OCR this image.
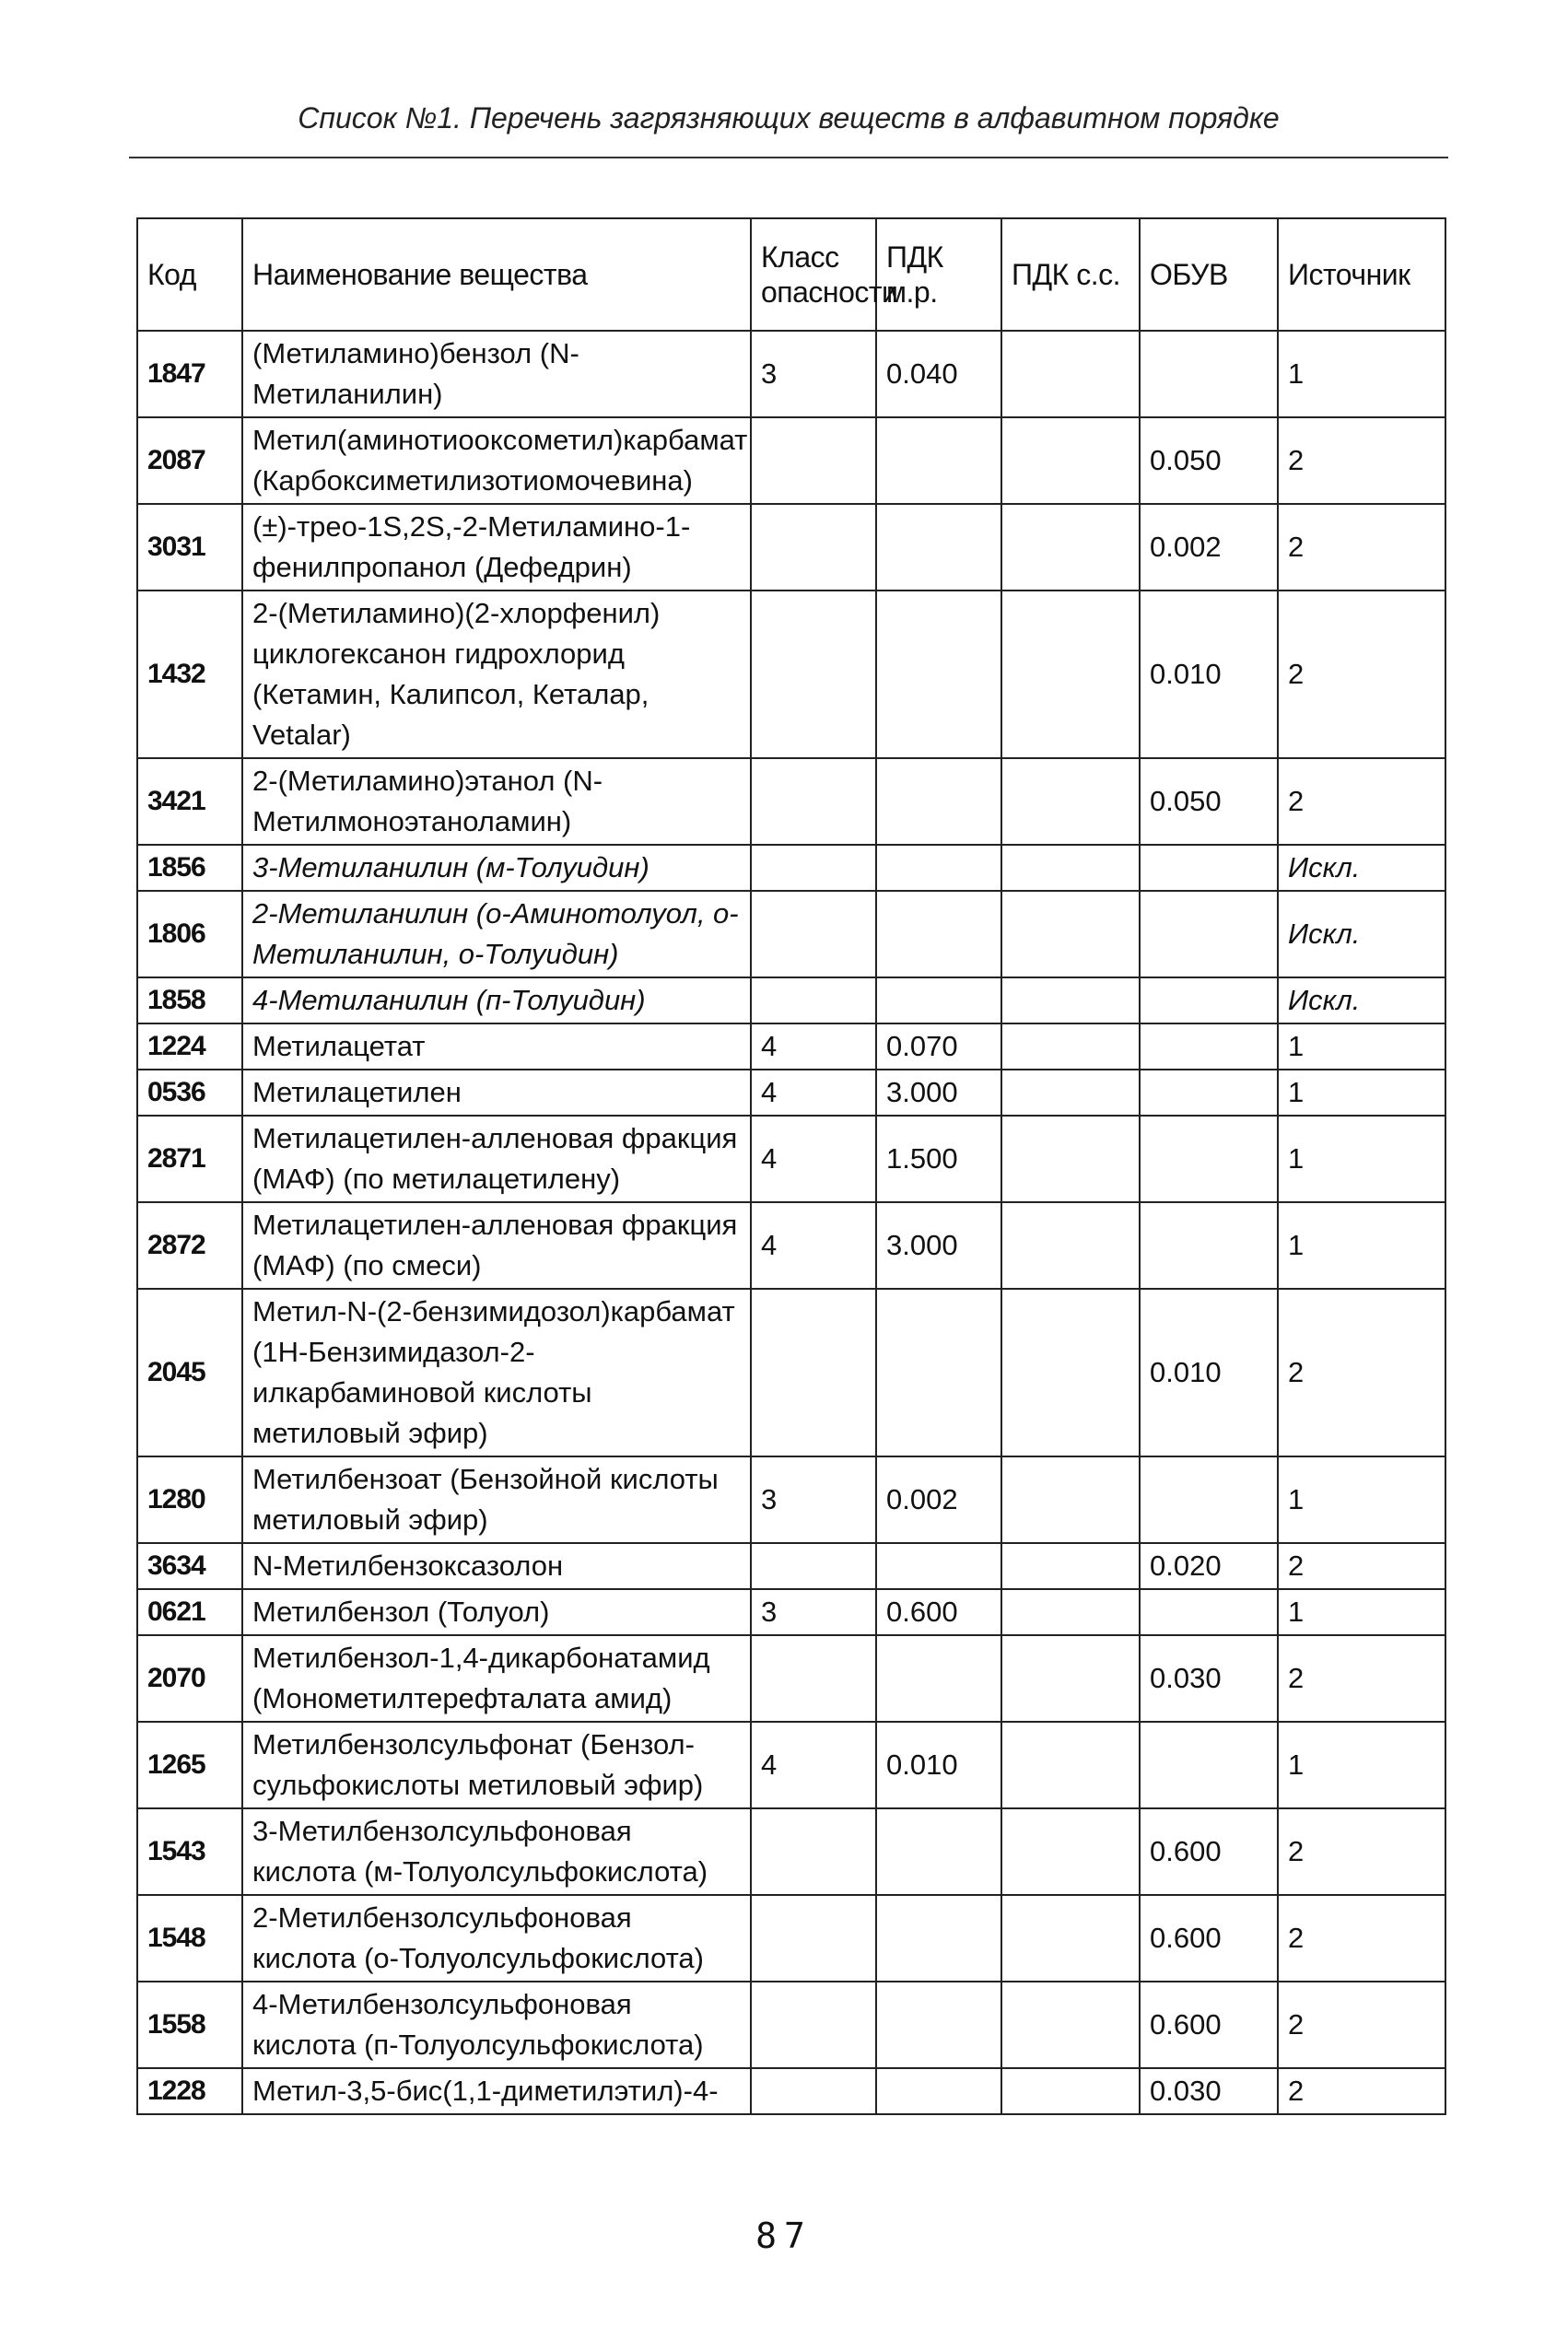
Список №1. Перечень загрязняющих веществ в алфавитном порядке
Код	Наименование вещества	Класс опасности	ПДК м.р.	ПДК с.с.	ОБУВ	Источник
1847	(Метиламино)бензол (N-Метиланилин)	3	0.040			1
2087	Метил(аминотиооксометил)карбамат (Карбоксиметилизотиомочевина)				0.050	2
3031	(±)-трео-1S,2S,-2-Метиламино-1-фенилпропанол (Дефедрин)				0.002	2
1432	2-(Метиламино)(2-хлорфенил) циклогексанон гидрохлорид (Кетамин, Калипсол, Кеталар, Vetalar)				0.010	2
3421	2-(Метиламино)этанол (N-Метилмоноэтаноламин)				0.050	2
1856	3-Метиланилин (м-Толуидин)					Искл.
1806	2-Метиланилин (о-Аминотолуол, о-Метиланилин, о-Толуидин)					Искл.
1858	4-Метиланилин (п-Толуидин)					Искл.
1224	Метилацетат	4	0.070			1
0536	Метилацетилен	4	3.000			1
2871	Метилацетилен-алленовая фракция (МАФ) (по метилацетилену)	4	1.500			1
2872	Метилацетилен-алленовая фракция (МАФ) (по смеси)	4	3.000			1
2045	Метил-N-(2-бензимидозол)карбамат (1Н-Бензимидазол-2-илкарбаминовой кислоты метиловый эфир)				0.010	2
1280	Метилбензоат (Бензойной кислоты метиловый эфир)	3	0.002			1
3634	N-Метилбензоксазолон				0.020	2
0621	Метилбензол (Толуол)	3	0.600			1
2070	Метилбензол-1,4-дикарбонатамид (Монометилтерефталата амид)				0.030	2
1265	Метилбензолсульфонат (Бензол-сульфокислоты метиловый эфир)	4	0.010			1
1543	3-Метилбензолсульфоновая кислота (м-Толуолсульфокислота)				0.600	2
1548	2-Метилбензолсульфоновая кислота (о-Толуолсульфокислота)				0.600	2
1558	4-Метилбензолсульфоновая кислота (п-Толуолсульфокислота)				0.600	2
1228	Метил-3,5-бис(1,1-диметилэтил)-4-				0.030	2
87
